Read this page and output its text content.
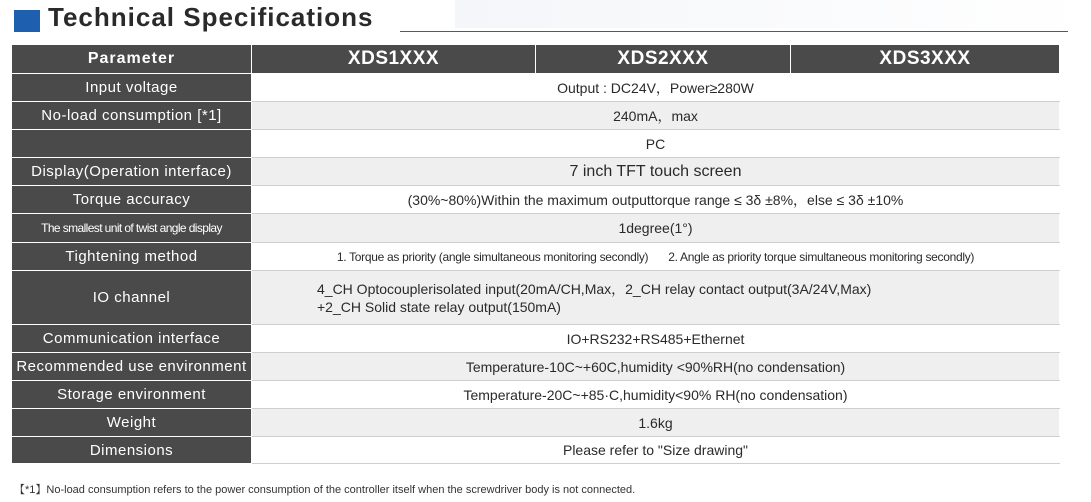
Technical Specifications
Parameter	XDS1XXX	XDS2XXX	XDS3XXX
Input voltage	Output : DC24V，Power≥280W		
No-load consumption [*1]	240mA，max		
	PC		
Display(Operation interface)	7 inch TFT touch screen		
Torque accuracy	(30%~80%)Within the maximum outputtorque range ≤ 3δ ±8%，else ≤ 3δ ±10%		
The smallest unit of twist angle display	1degree(1°)		
Tightening method	1. Torque as priority (angle simultaneous monitoring secondly) 2. Angle as priority torque simultaneous monitoring secondly)		
IO channel	4_CH Optocouplerisolated input(20mA/CH,Max，2_CH relay contact output(3A/24V,Max)
+2_CH Solid state relay output(150mA)		

Communication interface	IO+RS232+RS485+Ethernet		
Recommended use environment	Temperature-10C~+60C,humidity <90%RH(no condensation)		
Storage environment	Temperature-20C~+85·C,humidity<90% RH(no condensation)		
Weight	1.6kg		
Dimensions	Please refer to "Size drawing"		
【*1】No-load consumption refers to the power consumption of the controller itself when the screwdriver body is not connected.
